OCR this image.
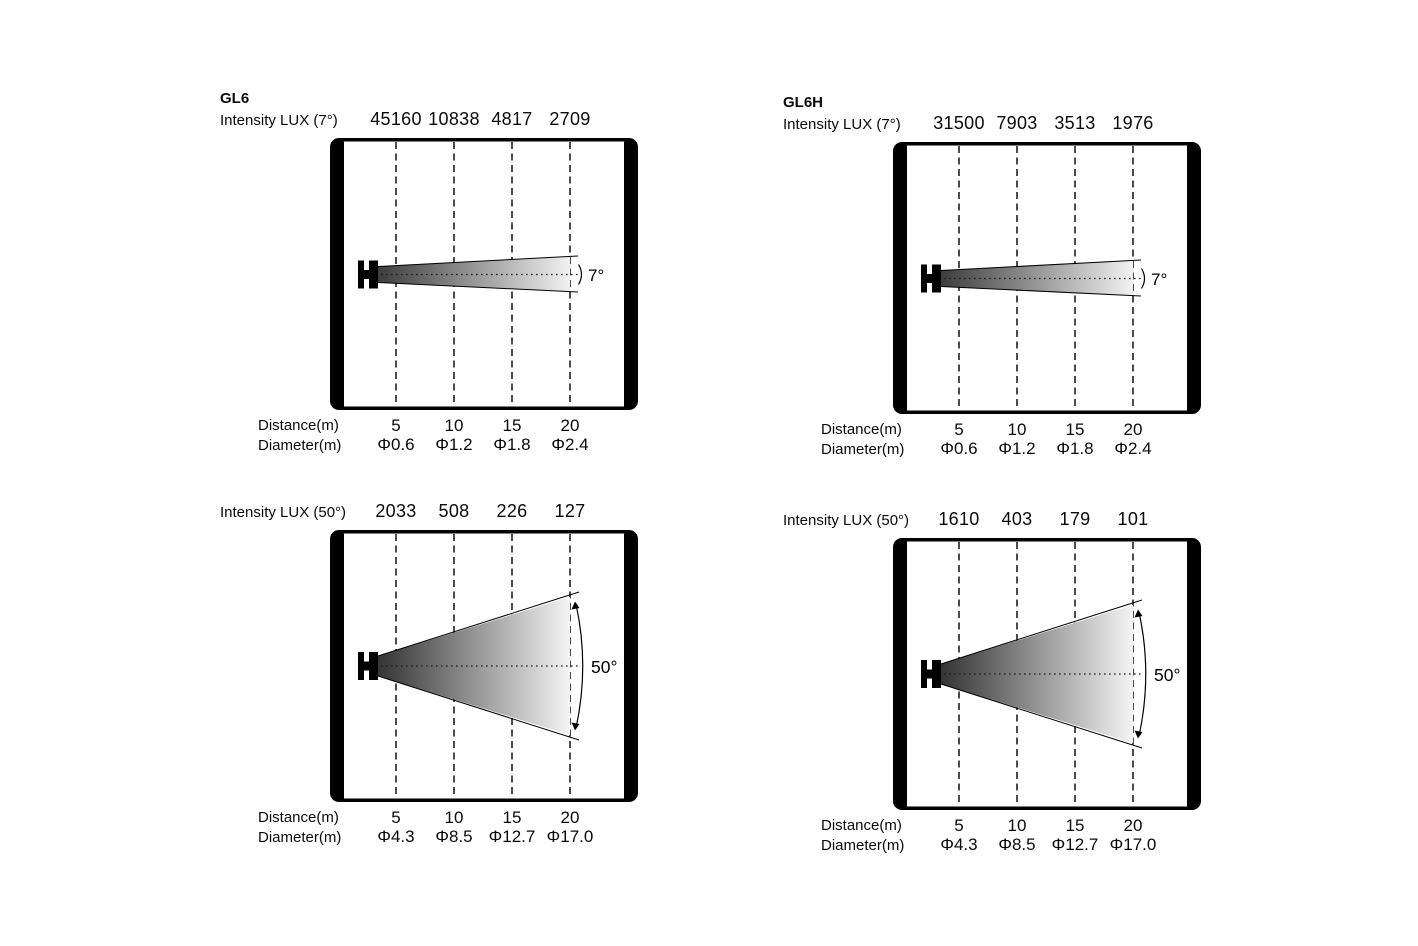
GL6
Intensity LUX (7°)	45160 10838 4817 2709
7°
Distance(m)	5	10	15	20
Diameter(m)	Φ0.6	Φ1.2	Φ1.8	Φ2.4
GL6H
Intensity LUX (7°)	31500 7903 3513 1976
7°
Distance(m)	5	10	15	20
Diameter(m)	Φ0.6	Φ1.2	Φ1.8	Φ2.4
Intensity LUX (50°)	2033	508	226	127
50°
Distance(m)	5	10	15	20
Diameter(m)	Φ4.3	Φ8.5 Φ12.7 Φ17.0
Intensity LUX (50°)	1610	403	179	101
50°
Distance(m)	5	10	15	20
Diameter(m)	Φ4.3	Φ8.5 Φ12.7 Φ17.0
